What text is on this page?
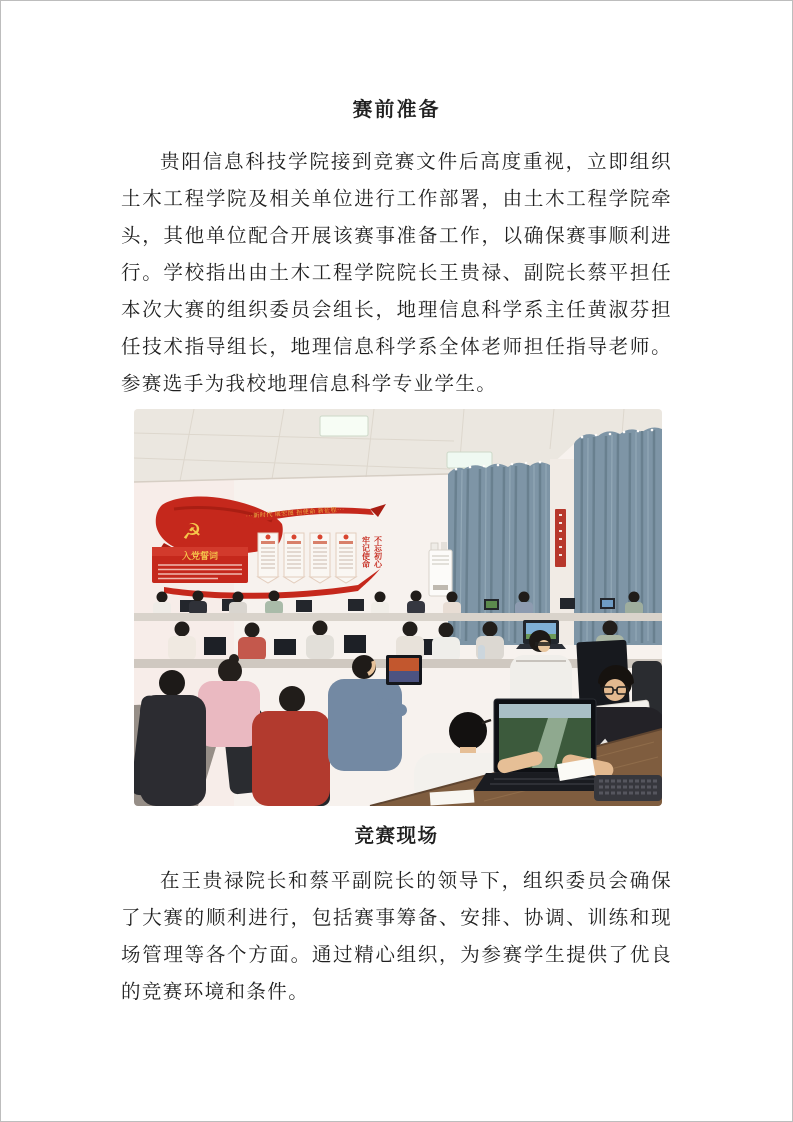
赛前准备

贵阳信息科技学院接到竞赛文件后高度重视，立即组织土木工程学院及相关单位进行工作部署，由土木工程学院牵头，其他单位配合开展该赛事准备工作，以确保赛事顺利进行。学校指出由土木工程学院院长王贵禄、副院长蔡平担任本次大赛的组织委员会组长，地理信息科学系主任黄淑芬担任技术指导组长，地理信息科学系全体老师担任指导老师。参赛选手为我校地理信息科学专业学生。

☭
···新时代 展宏图 担使命 新征程···
入党誓词	不忘初心
牢记使命
竞赛现场

在王贵禄院长和蔡平副院长的领导下，组织委员会确保了大赛的顺利进行，包括赛事筹备、安排、协调、训练和现场管理等各个方面。通过精心组织，为参赛学生提供了优良的竞赛环境和条件。
